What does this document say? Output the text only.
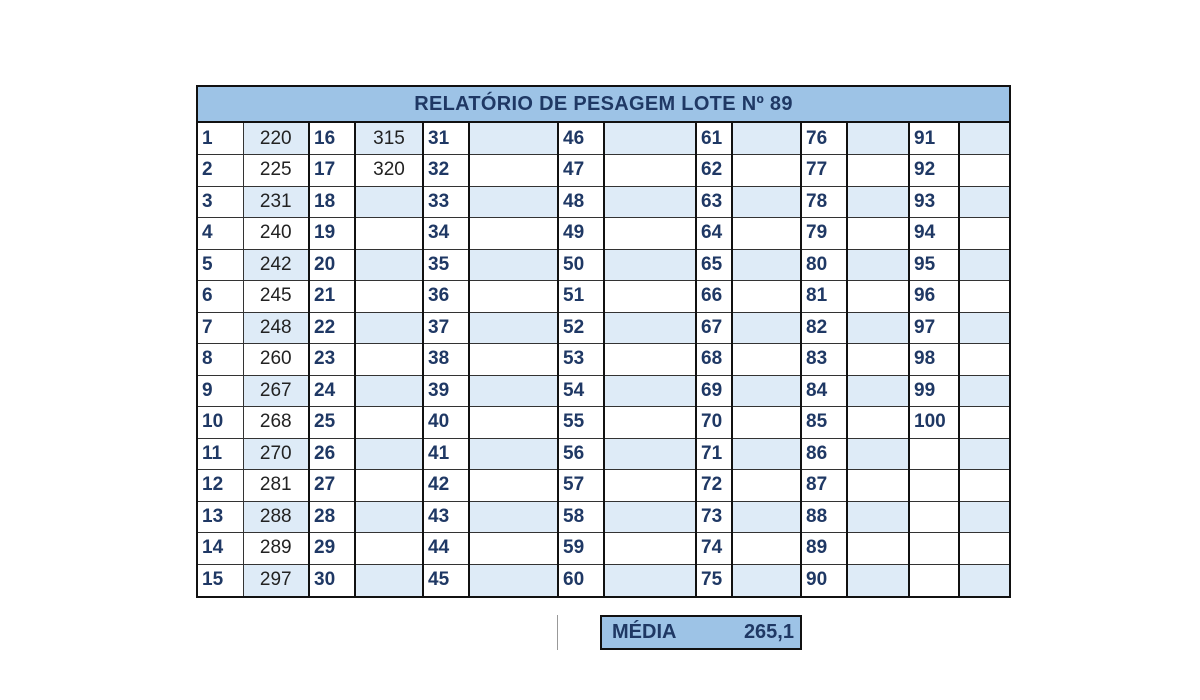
RELATÓRIO DE PESAGEM LOTE Nº 89
1	220	16	315	31		46		61		76		91	
2	225	17	320	32		47		62		77		92	
3	231	18		33		48		63		78		93	
4	240	19		34		49		64		79		94	
5	242	20		35		50		65		80		95	
6	245	21		36		51		66		81		96	
7	248	22		37		52		67		82		97	
8	260	23		38		53		68		83		98	
9	267	24		39		54		69		84		99	
10	268	25		40		55		70		85		100	
11	270	26		41		56		71		86			
12	281	27		42		57		72		87			
13	288	28		43		58		73		88			
14	289	29		44		59		74		89			
15	297	30		45		60		75		90			
MÉDIA	265,1
